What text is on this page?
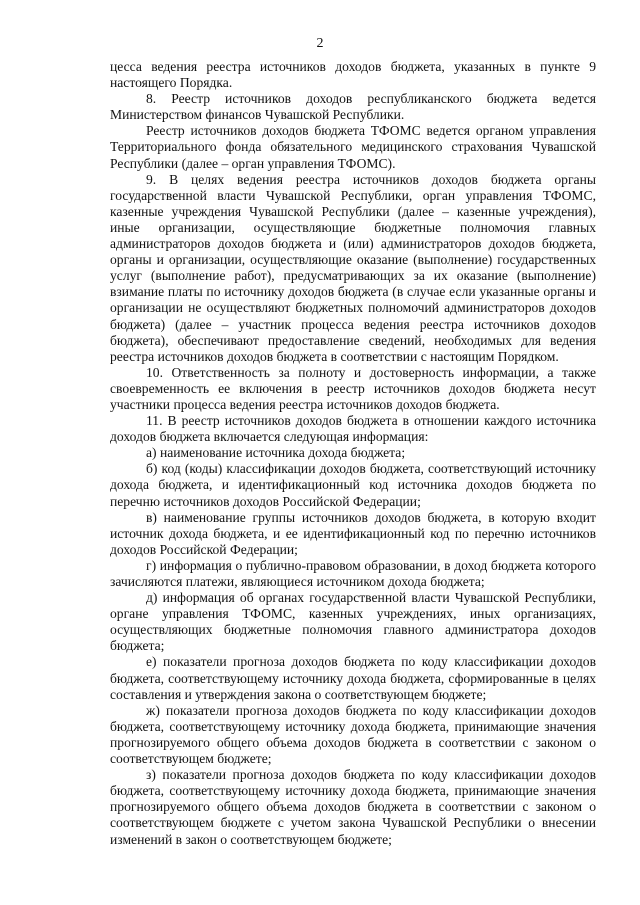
2

цесса ведения реестра источников доходов бюджета, указанных в пункте 9 настоящего Порядка.

8. Реестр источников доходов республиканского бюджета ведется Министерством финансов Чувашской Республики.

Реестр источников доходов бюджета ТФОМС ведется органом управления Территориального фонда обязательного медицинского страхования Чувашской Республики (далее – орган управления ТФОМС).

9. В целях ведения реестра источников доходов бюджета органы государственной власти Чувашской Республики, орган управления ТФОМС, казенные учреждения Чувашской Республики (далее – казенные учреждения), иные организации, осуществляющие бюджетные полномочия главных администраторов доходов бюджета и (или) администраторов доходов бюджета, органы и организации, осуществляющие оказание (выполнение) государственных услуг (выполнение работ), предусматривающих за их оказание (выполнение) взимание платы по источнику доходов бюджета (в случае если указанные органы и организации не осуществляют бюджетных полномочий администраторов доходов бюджета) (далее – участник процесса ведения реестра источников доходов бюджета), обеспечивают предоставление сведений, необходимых для ведения реестра источников доходов бюджета в соответствии с настоящим Порядком.

10. Ответственность за полноту и достоверность информации, а также своевременность ее включения в реестр источников доходов бюджета несут участники процесса ведения реестра источников доходов бюджета.

11. В реестр источников доходов бюджета в отношении каждого источника доходов бюджета включается следующая информация:

а) наименование источника дохода бюджета;

б) код (коды) классификации доходов бюджета, соответствующий источнику дохода бюджета, и идентификационный код источника доходов бюджета по перечню источников доходов Российской Федерации;

в) наименование группы источников доходов бюджета, в которую входит источник дохода бюджета, и ее идентификационный код по перечню источников доходов Российской Федерации;

г) информация о публично-правовом образовании, в доход бюджета которого зачисляются платежи, являющиеся источником дохода бюджета;

д) информация об органах государственной власти Чувашской Республики, органе управления ТФОМС, казенных учреждениях, иных организациях, осуществляющих бюджетные полномочия главного администратора доходов бюджета;

е) показатели прогноза доходов бюджета по коду классификации доходов бюджета, соответствующему источнику дохода бюджета, сформированные в целях составления и утверждения закона о соответствующем бюджете;

ж) показатели прогноза доходов бюджета по коду классификации доходов бюджета, соответствующему источнику дохода бюджета, принимающие значения прогнозируемого общего объема доходов бюджета в соответствии с законом о соответствующем бюджете;

з) показатели прогноза доходов бюджета по коду классификации доходов бюджета, соответствующему источнику дохода бюджета, принимающие значения прогнозируемого общего объема доходов бюджета в соответствии с законом о соответствующем бюджете с учетом закона Чувашской Республики о внесении изменений в закон о соответствующем бюджете;
